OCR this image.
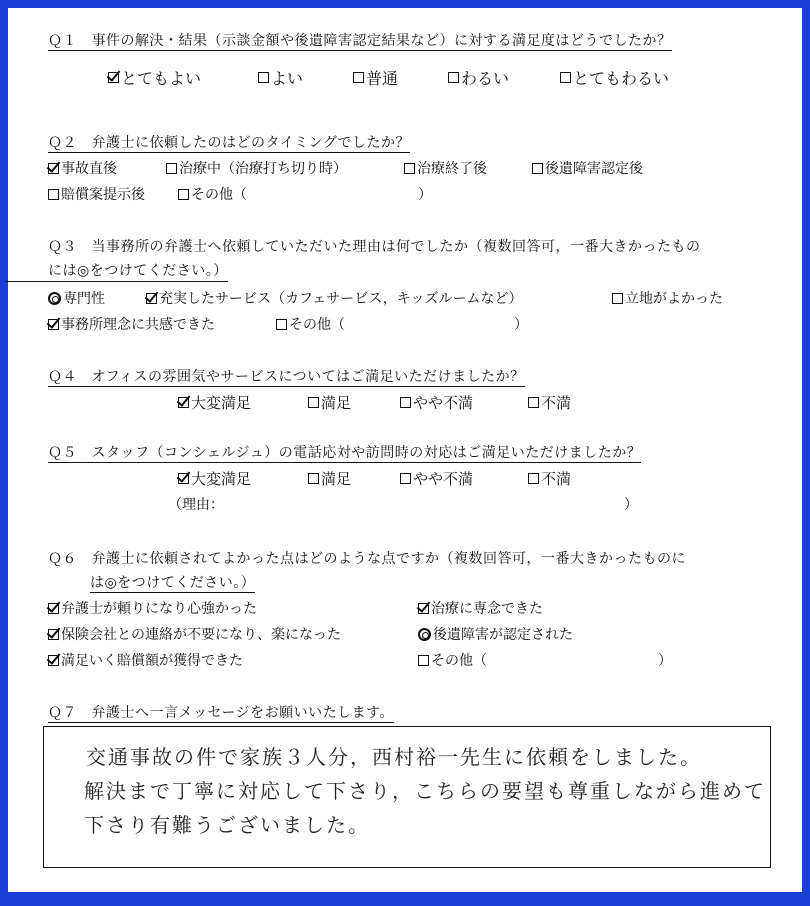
Ｑ１　事件の解決・結果（示談金額や後遺障害認定結果など）に対する満足度はどうでしたか？
とてもよい	よい	普通	わるい	とてもわるい
Ｑ２　弁護士に依頼したのはどのタイミングでしたか？
事故直後	治療中（治療打ち切り時）	治療終了後	後遺障害認定後
賠償案提示後	その他（	）
Ｑ３　当事務所の弁護士へ依頼していただいた理由は何でしたか（複数回答可，一番大きかったもの
には◎をつけてください。）
専門性	充実したサービス（カフェサービス，キッズルームなど）	立地がよかった
事務所理念に共感できた	その他（	）
Ｑ４　オフィスの雰囲気やサービスについてはご満足いただけましたか？
大変満足	満足	やや不満	不満
Ｑ５　スタッフ（コンシェルジュ）の電話応対や訪問時の対応はご満足いただけましたか？
大変満足	満足	やや不満	不満
（理由：	）
Ｑ６　弁護士に依頼されてよかった点はどのような点ですか（複数回答可，一番大きかったものに
は◎をつけてください。）
弁護士が頼りになり心強かった	治療に専念できた
保険会社との連絡が不要になり、楽になった	後遺障害が認定された
満足いく賠償額が獲得できた	その他（	）
Ｑ７　弁護士へ一言メッセージをお願いいたします。
交通事故の件で家族３人分，西村裕一先生に依頼をしました。
解決まで丁寧に対応して下さり，こちらの要望も尊重しながら進めて
下さり有難うございました。
